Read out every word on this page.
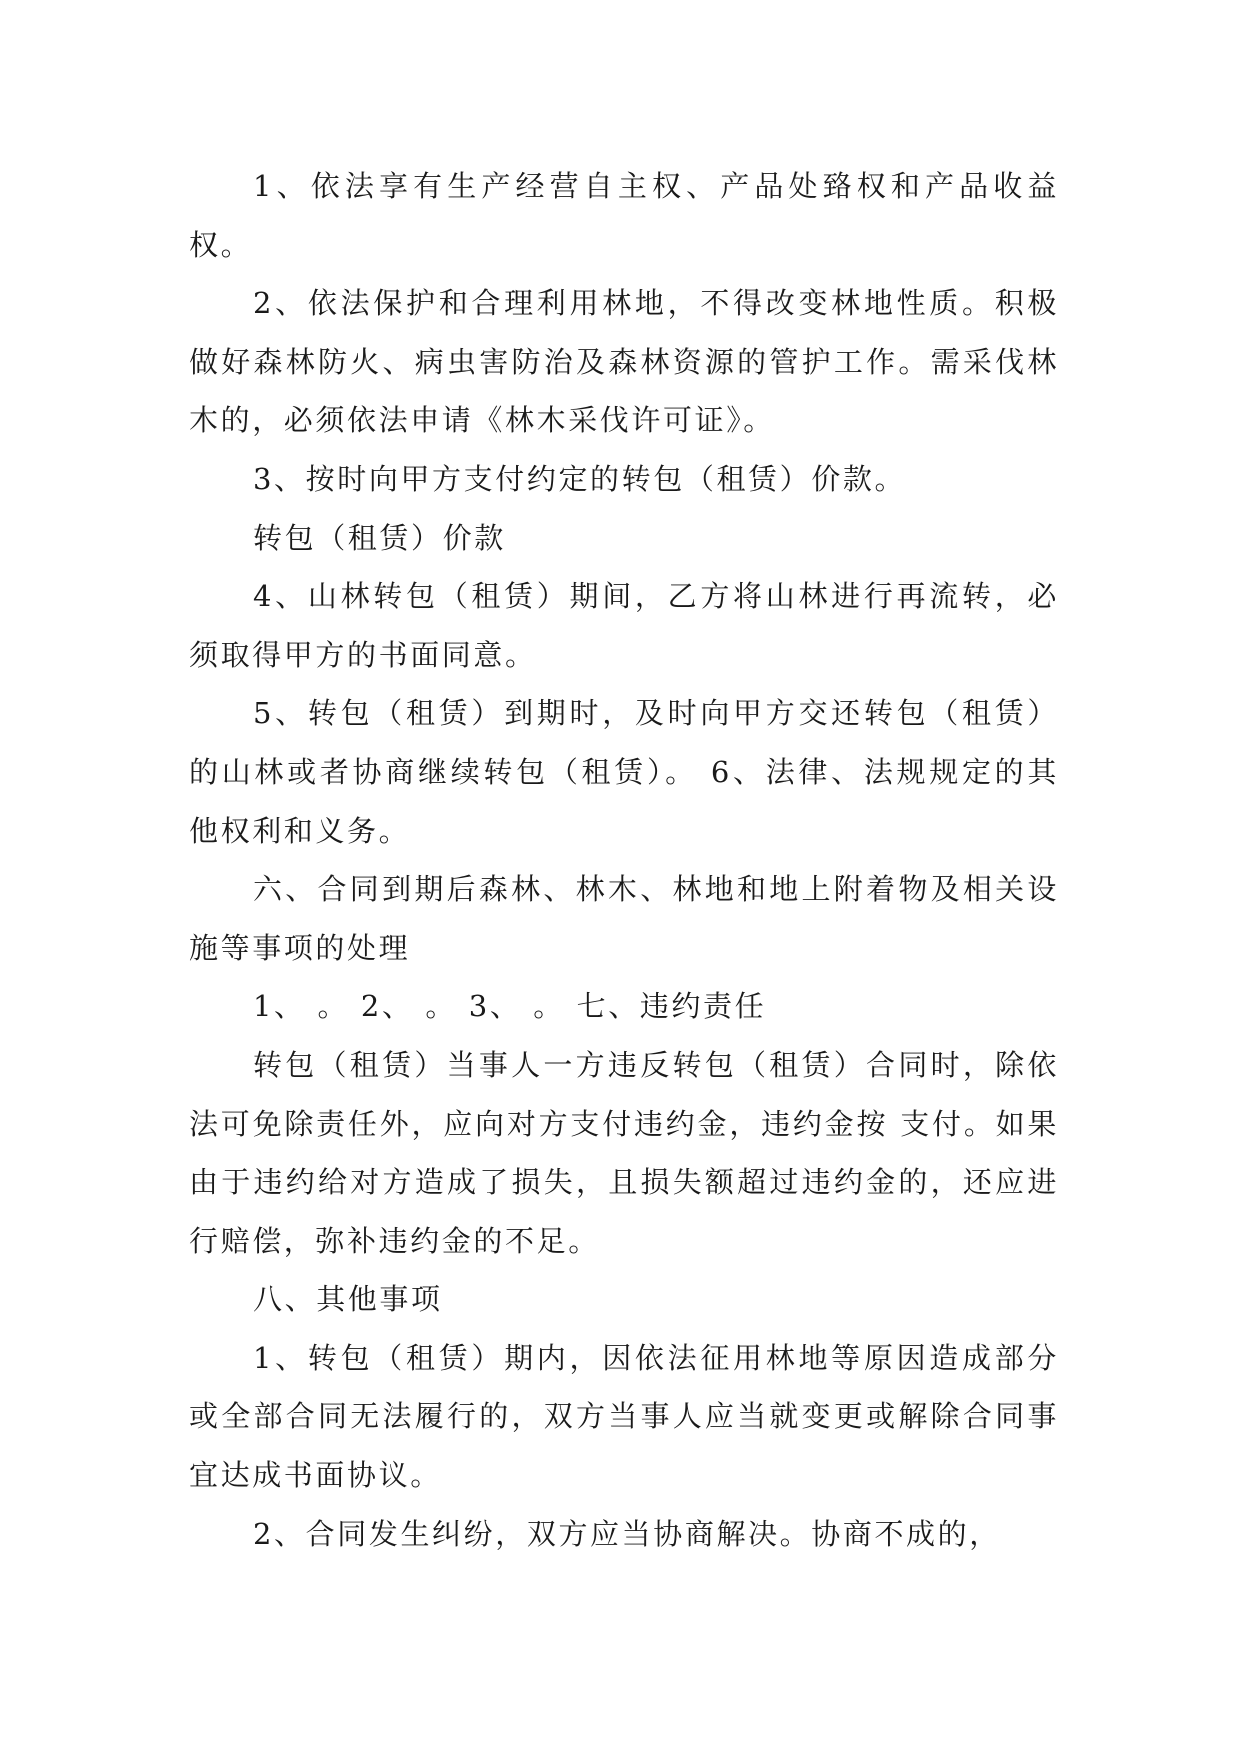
1、依法享有生产经营自主权、产品处臵权和产品收益权。

2、依法保护和合理利用林地，不得改变林地性质。积极做好森林防火、病虫害防治及森林资源的管护工作。需采伐林木的，必须依法申请《林木采伐许可证》。

3、按时向甲方支付约定的转包（租赁）价款。

转包（租赁）价款

4、山林转包（租赁）期间，乙方将山林进行再流转，必须取得甲方的书面同意。

5、转包（租赁）到期时，及时向甲方交还转包（租赁）的山林或者协商继续转包（租赁）。 6、法律、法规规定的其他权利和义务。

六、合同到期后森林、林木、林地和地上附着物及相关设施等事项的处理

1、 。 2、 。 3、 。 七、违约责任

转包（租赁）当事人一方违反转包（租赁）合同时，除依法可免除责任外，应向对方支付违约金，违约金按 支付。如果由于违约给对方造成了损失，且损失额超过违约金的，还应进行赔偿，弥补违约金的不足。

八、其他事项

1、转包（租赁）期内，因依法征用林地等原因造成部分或全部合同无法履行的，双方当事人应当就变更或解除合同事宜达成书面协议。

2、合同发生纠纷，双方应当协商解决。协商不成的，
